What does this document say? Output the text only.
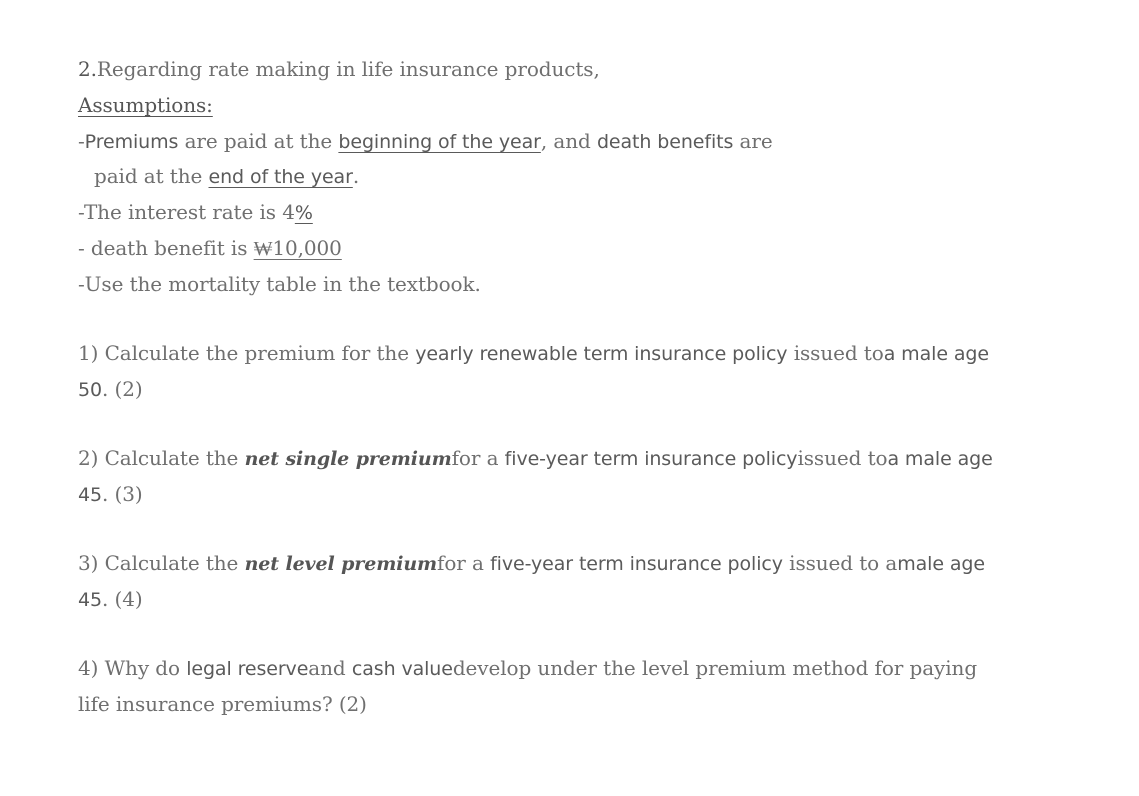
2.Regarding rate making in life insurance products,
Assumptions:
-Premiums are paid at the beginning of the year, and death benefits are
paid at the end of the year.
-The interest rate is 4%
- death benefit is ₩10,000
-Use the mortality table in the textbook.
1) Calculate the premium for the yearly renewable term insurance policy issued toa male age
50. (2)
2) Calculate the net single premiumfor a five-year term insurance policyissued toa male age
45. (3)
3) Calculate the net level premiumfor a five-year term insurance policy issued to amale age
45. (4)
4) Why do legal reserveand cash valuedevelop under the level premium method for paying
life insurance premiums? (2)
